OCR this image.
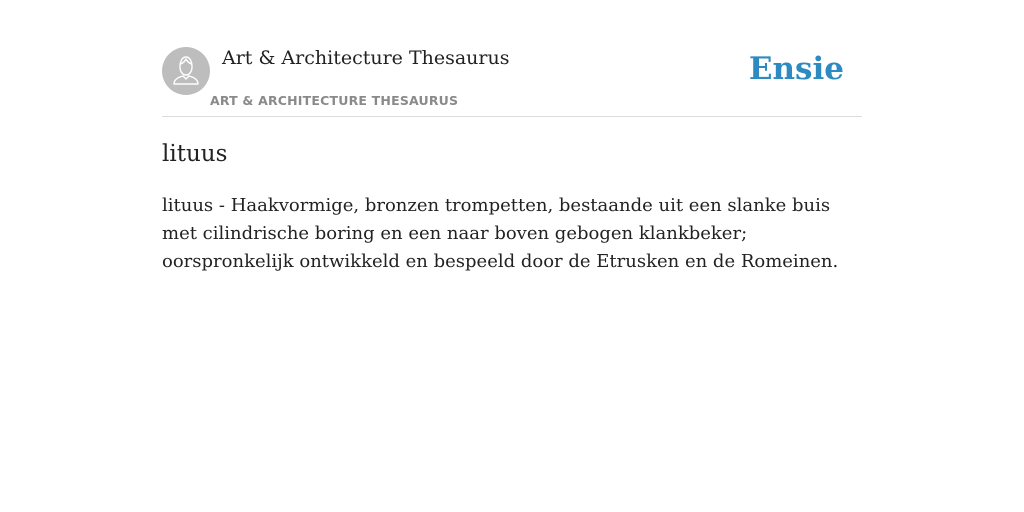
Art & Architecture Thesaurus
ART & ARCHITECTURE THESAURUS
Ensie
lituus

lituus - Haakvormige, bronzen trompetten, bestaande uit een slanke buis met cilindrische boring en een naar boven gebogen klankbeker; oorspronkelijk ontwikkeld en bespeeld door de Etrusken en de Romeinen.
